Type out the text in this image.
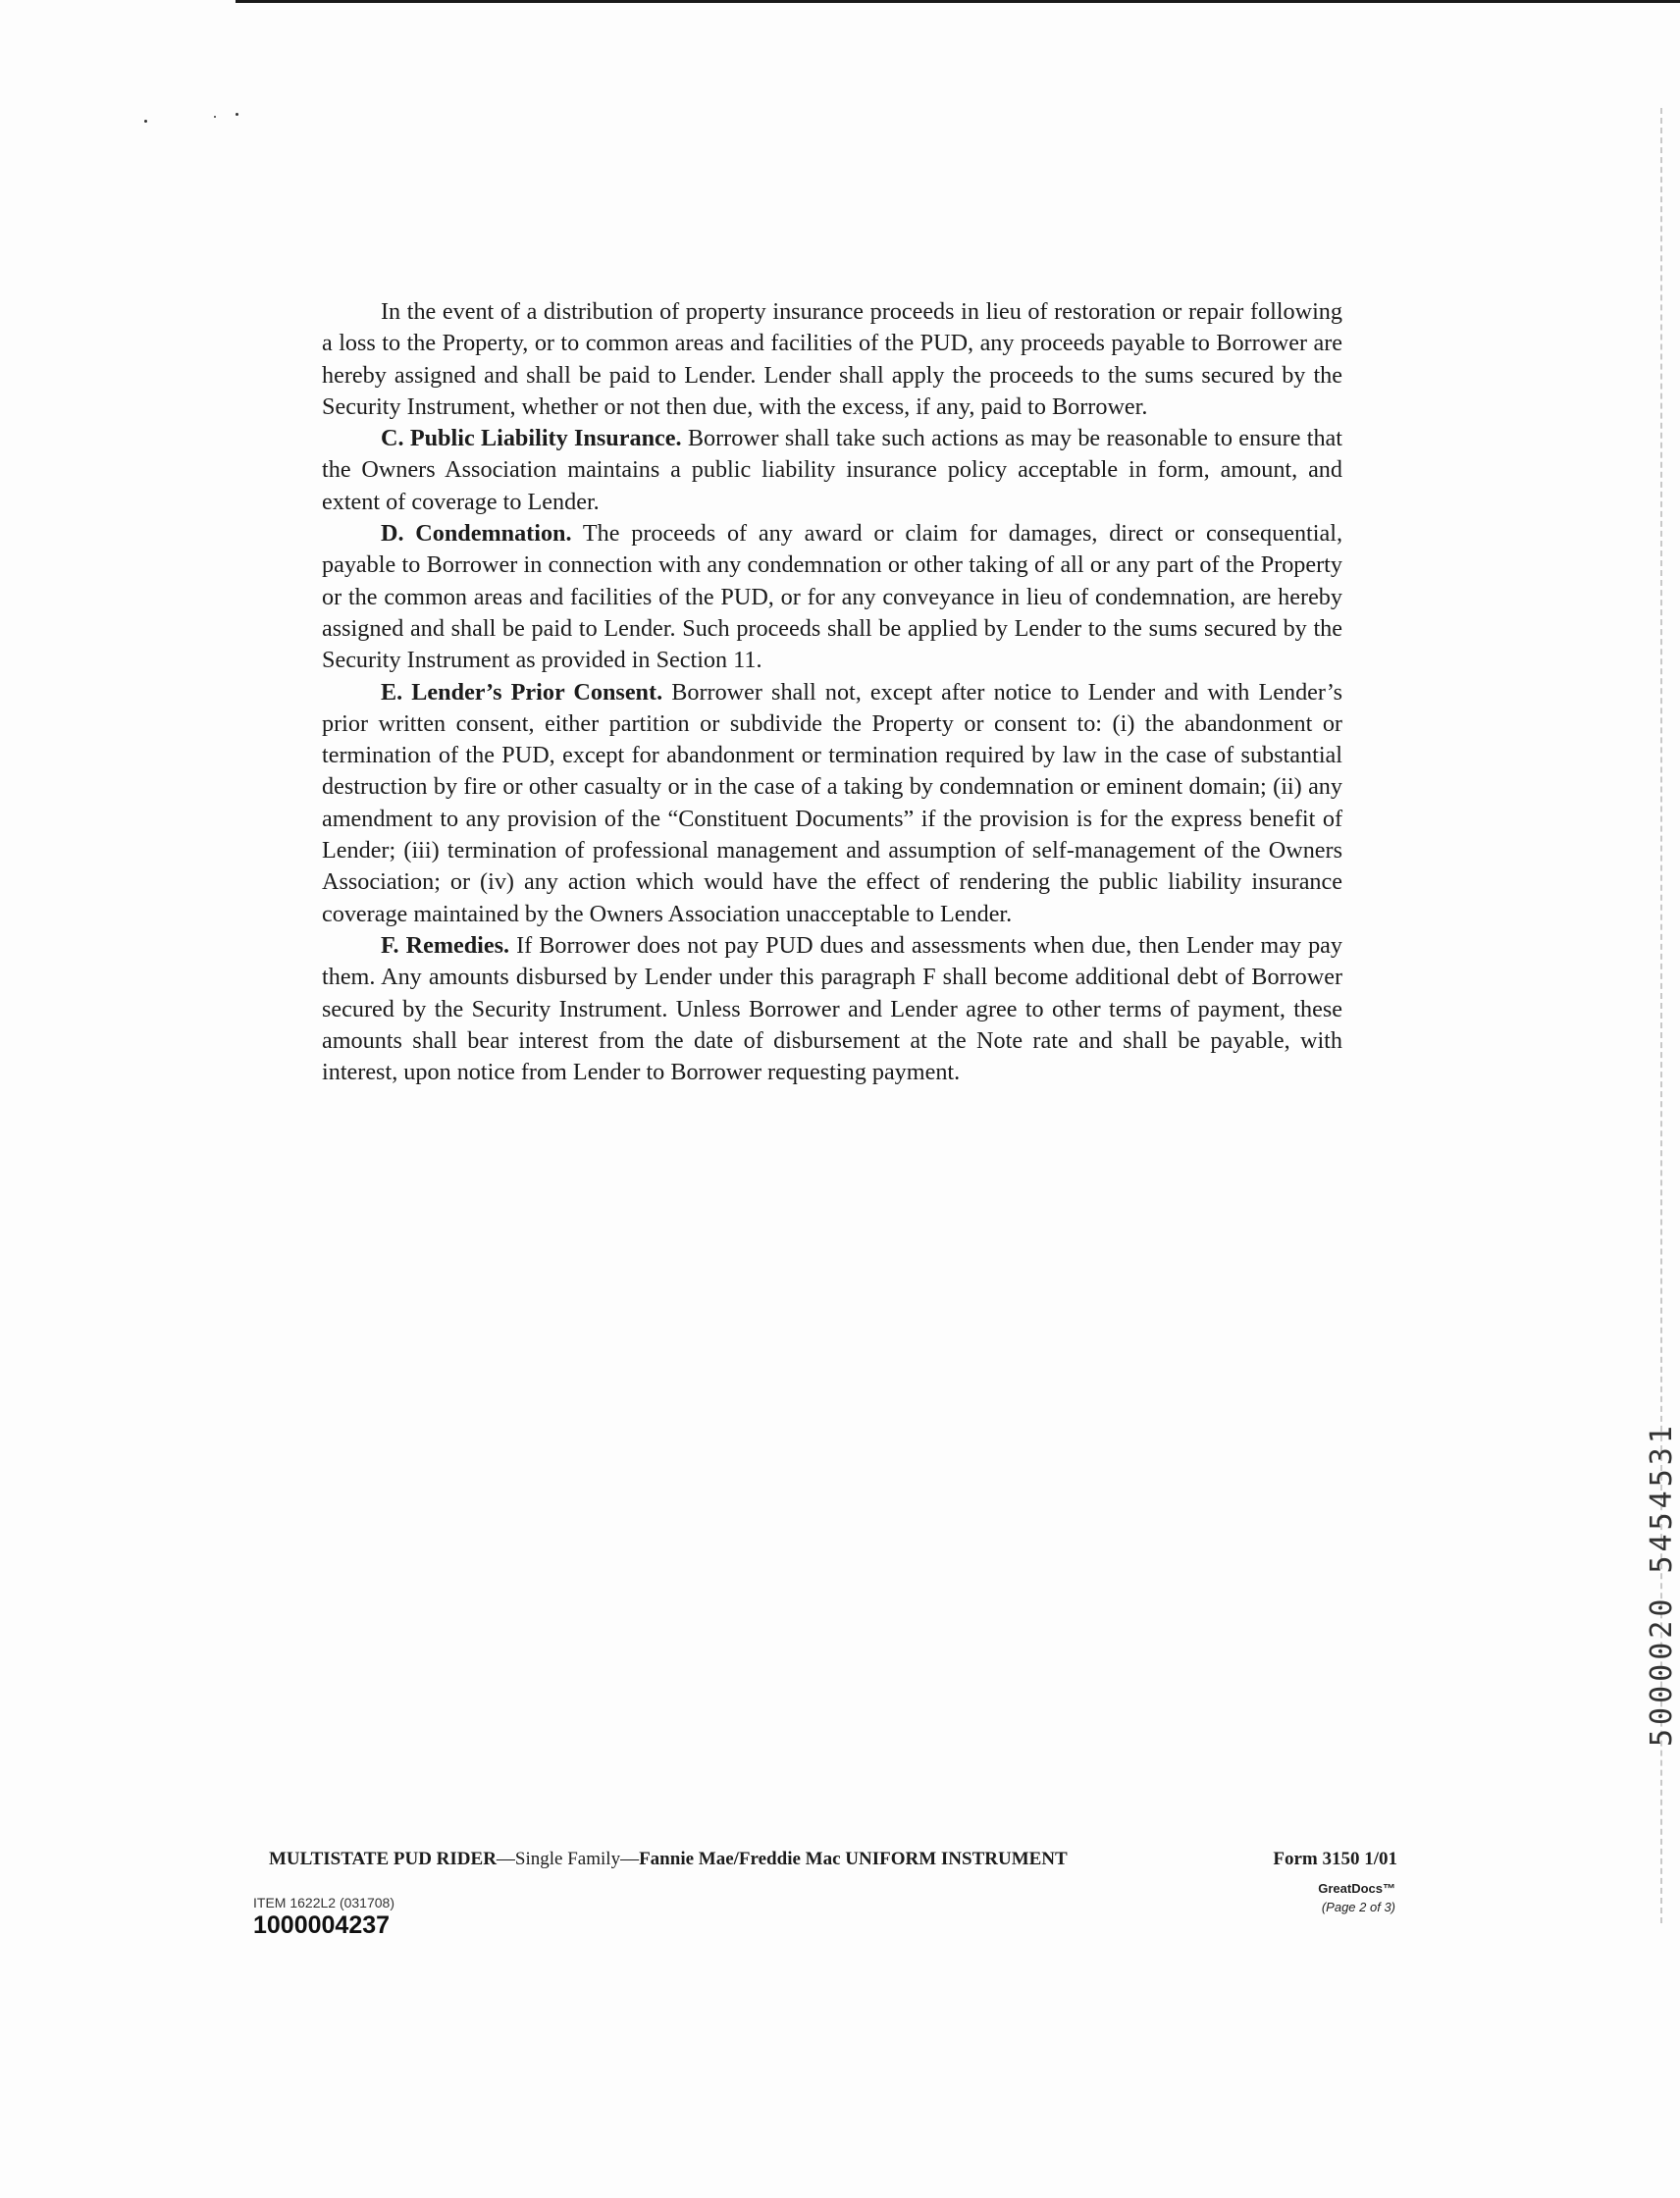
In the event of a distribution of property insurance proceeds in lieu of restoration or repair following a loss to the Property, or to common areas and facilities of the PUD, any proceeds payable to Borrower are hereby assigned and shall be paid to Lender. Lender shall apply the proceeds to the sums secured by the Security Instrument, whether or not then due, with the excess, if any, paid to Borrower.

C. Public Liability Insurance. Borrower shall take such actions as may be reasonable to ensure that the Owners Association maintains a public liability insurance policy acceptable in form, amount, and extent of coverage to Lender.

D. Condemnation. The proceeds of any award or claim for damages, direct or consequential, payable to Borrower in connection with any condemnation or other taking of all or any part of the Property or the common areas and facilities of the PUD, or for any conveyance in lieu of condemnation, are hereby assigned and shall be paid to Lender. Such proceeds shall be applied by Lender to the sums secured by the Security Instrument as provided in Section 11.

E. Lender’s Prior Consent. Borrower shall not, except after notice to Lender and with Lender’s prior written consent, either partition or subdivide the Property or consent to: (i) the abandonment or termination of the PUD, except for abandonment or termination required by law in the case of substantial destruction by fire or other casualty or in the case of a taking by condemnation or eminent domain; (ii) any amendment to any provision of the “Constituent Documents” if the provision is for the express benefit of Lender; (iii) termination of professional management and assumption of self-management of the Owners Association; or (iv) any action which would have the effect of rendering the public liability insurance coverage maintained by the Owners Association unacceptable to Lender.

F. Remedies. If Borrower does not pay PUD dues and assessments when due, then Lender may pay them. Any amounts disbursed by Lender under this paragraph F shall become additional debt of Borrower secured by the Security Instrument. Unless Borrower and Lender agree to other terms of payment, these amounts shall bear interest from the date of disbursement at the Note rate and shall be payable, with interest, upon notice from Lender to Borrower requesting payment.

MULTISTATE PUD RIDER—Single Family—Fannie Mae/Freddie Mac UNIFORM INSTRUMENT	Form 3150 1/01
GreatDocs™
(Page 2 of 3)
ITEM 1622L2 (031708)
1000004237
5000020 5454531
